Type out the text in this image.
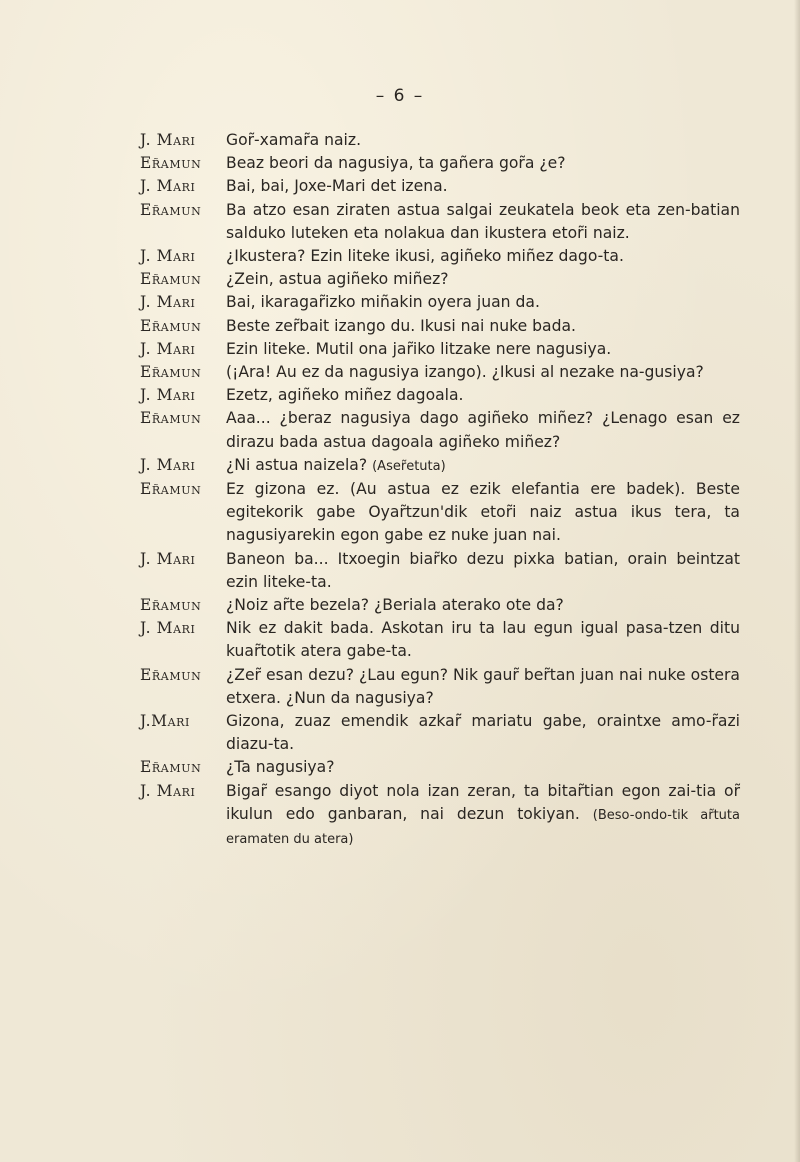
– 6 –

J. Mari Gor̃-xamar̃a naiz.

Er̃amun Beaz beori da nagusiya, ta gañera gor̃a ¿e?

J. Mari Bai, bai, Joxe-Mari det izena.

Er̃amun Ba atzo esan ziraten astua salgai zeukatela beok eta zen-batian salduko luteken eta nolakua dan ikustera etor̃i naiz.

J. Mari ¿Ikustera? Ezin liteke ikusi, agiñeko miñez dago-ta.

Er̃amun ¿Zein, astua agiñeko miñez?

J. Mari Bai, ikaragar̃izko miñakin oyera juan da.

Er̃amun Beste zer̃bait izango du. Ikusi nai nuke bada.

J. Mari Ezin liteke. Mutil ona jar̃iko litzake nere nagusiya.

Er̃amun (¡Ara! Au ez da nagusiya izango). ¿Ikusi al nezake na-gusiya?

J. Mari Ezetz, agiñeko miñez dagoala.

Er̃amun Aaa... ¿beraz nagusiya dago agiñeko miñez? ¿Lenago esan ez dirazu bada astua dagoala agiñeko miñez?

J. Mari ¿Ni astua naizela? (Aser̃etuta)

Er̃amun Ez gizona ez. (Au astua ez ezik elefantia ere badek). Beste egitekorik gabe Oyar̃tzun'dik etor̃i naiz astua ikus tera, ta nagusiyarekin egon gabe ez nuke juan nai.

J. Mari Baneon ba... Itxoegin biar̃ko dezu pixka batian, orain beintzat ezin liteke-ta.

Er̃amun ¿Noiz ar̃te bezela? ¿Beriala aterako ote da?

J. Mari Nik ez dakit bada. Askotan iru ta lau egun igual pasa-tzen ditu kuar̃totik atera gabe-ta.

Er̃amun ¿Zer̃ esan dezu? ¿Lau egun? Nik gaur̃ ber̃tan juan nai nuke ostera etxera. ¿Nun da nagusiya?

J.Mari Gizona, zuaz emendik azkar̃ mariatu gabe, oraintxe amo-r̃azi diazu-ta.

Er̃amun ¿Ta nagusiya?

J. Mari Bigar̃ esango diyot nola izan zeran, ta bitar̃tian egon zai-tia or̃ ikulun edo ganbaran, nai dezun tokiyan. (Beso-ondo-tik ar̃tuta eramaten du atera)
